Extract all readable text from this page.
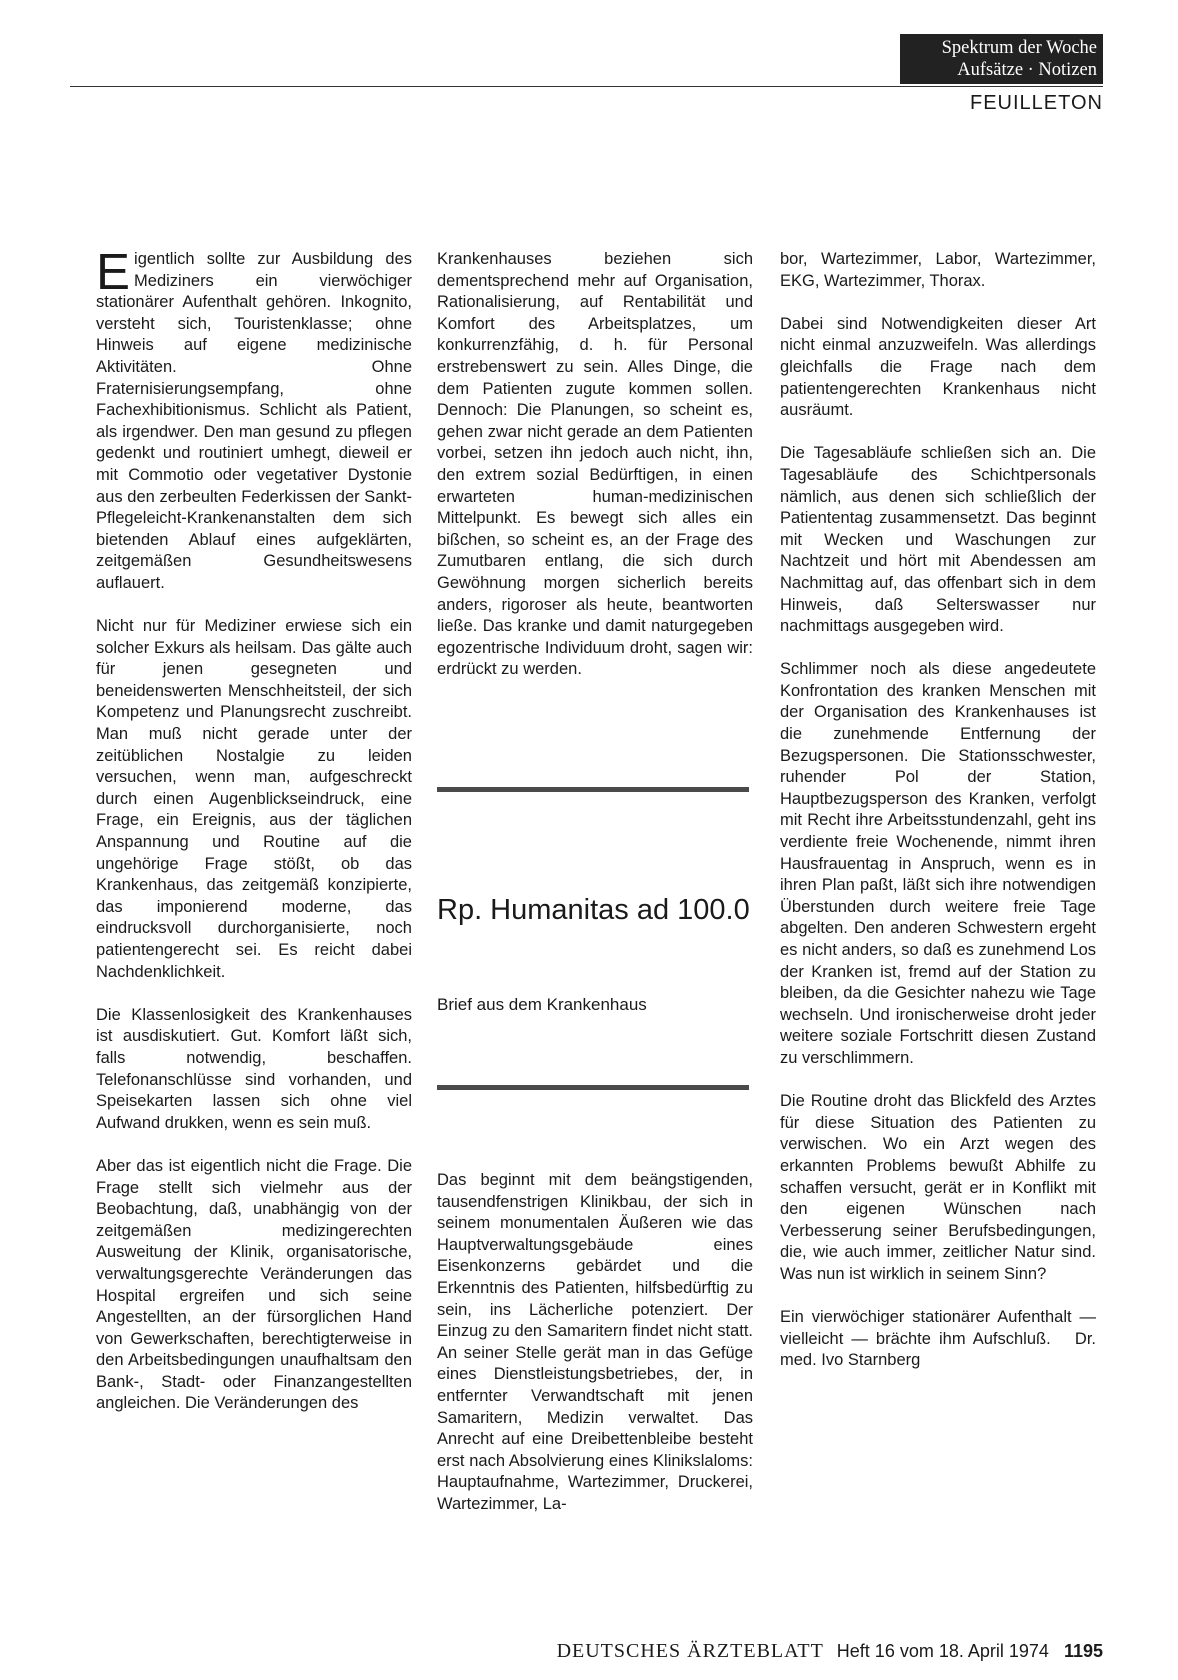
Spektrum der Woche
Aufsätze · Notizen
FEUILLETON

Eigentlich sollte zur Ausbildung des Mediziners ein vierwöchiger stationärer Aufenthalt gehören. Inkognito, versteht sich, Touristenklasse; ohne Hinweis auf eigene medizinische Aktivitäten. Ohne Fraternisierungsempfang, ohne Fachexhibitionismus. Schlicht als Patient, als irgendwer. Den man gesund zu pflegen gedenkt und routiniert umhegt, dieweil er mit Commotio oder vegetativer Dystonie aus den zerbeulten Federkissen der Sankt-Pflegeleicht-Krankenanstalten dem sich bietenden Ablauf eines aufgeklärten, zeitgemäßen Gesundheitswesens auflauert.

Nicht nur für Mediziner erwiese sich ein solcher Exkurs als heilsam. Das gälte auch für jenen gesegneten und beneidenswerten Menschheitsteil, der sich Kompetenz und Planungsrecht zuschreibt. Man muß nicht gerade unter der zeitüblichen Nostalgie zu leiden versuchen, wenn man, aufgeschreckt durch einen Augenblickseindruck, eine Frage, ein Ereignis, aus der täglichen Anspannung und Routine auf die ungehörige Frage stößt, ob das Krankenhaus, das zeitgemäß konzipierte, das imponierend moderne, das eindrucksvoll durchorganisierte, noch patientengerecht sei. Es reicht dabei Nachdenklichkeit.

Die Klassenlosigkeit des Krankenhauses ist ausdiskutiert. Gut. Komfort läßt sich, falls notwendig, beschaffen. Telefonanschlüsse sind vorhanden, und Speisekarten lassen sich ohne viel Aufwand drukken, wenn es sein muß.

Aber das ist eigentlich nicht die Frage. Die Frage stellt sich vielmehr aus der Beobachtung, daß, unabhängig von der zeitgemäßen medizingerechten Ausweitung der Klinik, organisatorische, verwaltungsgerechte Veränderungen das Hospital ergreifen und sich seine Angestellten, an der fürsorglichen Hand von Gewerkschaften, berechtigterweise in den Arbeitsbedingungen unaufhaltsam den Bank-, Stadt- oder Finanzangestellten angleichen. Die Veränderungen des

Krankenhauses beziehen sich dementsprechend mehr auf Organisation, Rationalisierung, auf Rentabilität und Komfort des Arbeitsplatzes, um konkurrenzfähig, d. h. für Personal erstrebenswert zu sein. Alles Dinge, die dem Patienten zugute kommen sollen. Dennoch: Die Planungen, so scheint es, gehen zwar nicht gerade an dem Patienten vorbei, setzen ihn jedoch auch nicht, ihn, den extrem sozial Bedürftigen, in einen erwarteten human-medizinischen Mittelpunkt. Es bewegt sich alles ein bißchen, so scheint es, an der Frage des Zumutbaren entlang, die sich durch Gewöhnung morgen sicherlich bereits anders, rigoroser als heute, beantworten ließe. Das kranke und damit naturgegeben egozentrische Individuum droht, sagen wir: erdrückt zu werden.

Rp. Humanitas ad 100.0
Brief aus dem Krankenhaus

Das beginnt mit dem beängstigenden, tausendfenstrigen Klinikbau, der sich in seinem monumentalen Äußeren wie das Hauptverwaltungsgebäude eines Eisenkonzerns gebärdet und die Erkenntnis des Patienten, hilfsbedürftig zu sein, ins Lächerliche potenziert. Der Einzug zu den Samaritern findet nicht statt. An seiner Stelle gerät man in das Gefüge eines Dienstleistungsbetriebes, der, in entfernter Verwandtschaft mit jenen Samaritern, Medizin verwaltet. Das Anrecht auf eine Dreibettenbleibe besteht erst nach Absolvierung eines Klinikslaloms: Hauptaufnahme, Wartezimmer, Druckerei, Wartezimmer, La-

bor, Wartezimmer, Labor, Wartezimmer, EKG, Wartezimmer, Thorax.

Dabei sind Notwendigkeiten dieser Art nicht einmal anzuzweifeln. Was allerdings gleichfalls die Frage nach dem patientengerechten Krankenhaus nicht ausräumt.

Die Tagesabläufe schließen sich an. Die Tagesabläufe des Schichtpersonals nämlich, aus denen sich schließlich der Patiententag zusammensetzt. Das beginnt mit Wecken und Waschungen zur Nachtzeit und hört mit Abendessen am Nachmittag auf, das offenbart sich in dem Hinweis, daß Selterswasser nur nachmittags ausgegeben wird.

Schlimmer noch als diese angedeutete Konfrontation des kranken Menschen mit der Organisation des Krankenhauses ist die zunehmende Entfernung der Bezugspersonen. Die Stationsschwester, ruhender Pol der Station, Hauptbezugsperson des Kranken, verfolgt mit Recht ihre Arbeitsstundenzahl, geht ins verdiente freie Wochenende, nimmt ihren Hausfrauentag in Anspruch, wenn es in ihren Plan paßt, läßt sich ihre notwendigen Überstunden durch weitere freie Tage abgelten. Den anderen Schwestern ergeht es nicht anders, so daß es zunehmend Los der Kranken ist, fremd auf der Station zu bleiben, da die Gesichter nahezu wie Tage wechseln. Und ironischerweise droht jeder weitere soziale Fortschritt diesen Zustand zu verschlimmern.

Die Routine droht das Blickfeld des Arztes für diese Situation des Patienten zu verwischen. Wo ein Arzt wegen des erkannten Problems bewußt Abhilfe zu schaffen versucht, gerät er in Konflikt mit den eigenen Wünschen nach Verbesserung seiner Berufsbedingungen, die, wie auch immer, zeitlicher Natur sind. Was nun ist wirklich in seinem Sinn?

Ein vierwöchiger stationärer Aufenthalt — vielleicht — brächte ihm Aufschluß. Dr. med. Ivo Starnberg

DEUTSCHES ÄRZTEBLATT Heft 16 vom 18. April 1974 1195
